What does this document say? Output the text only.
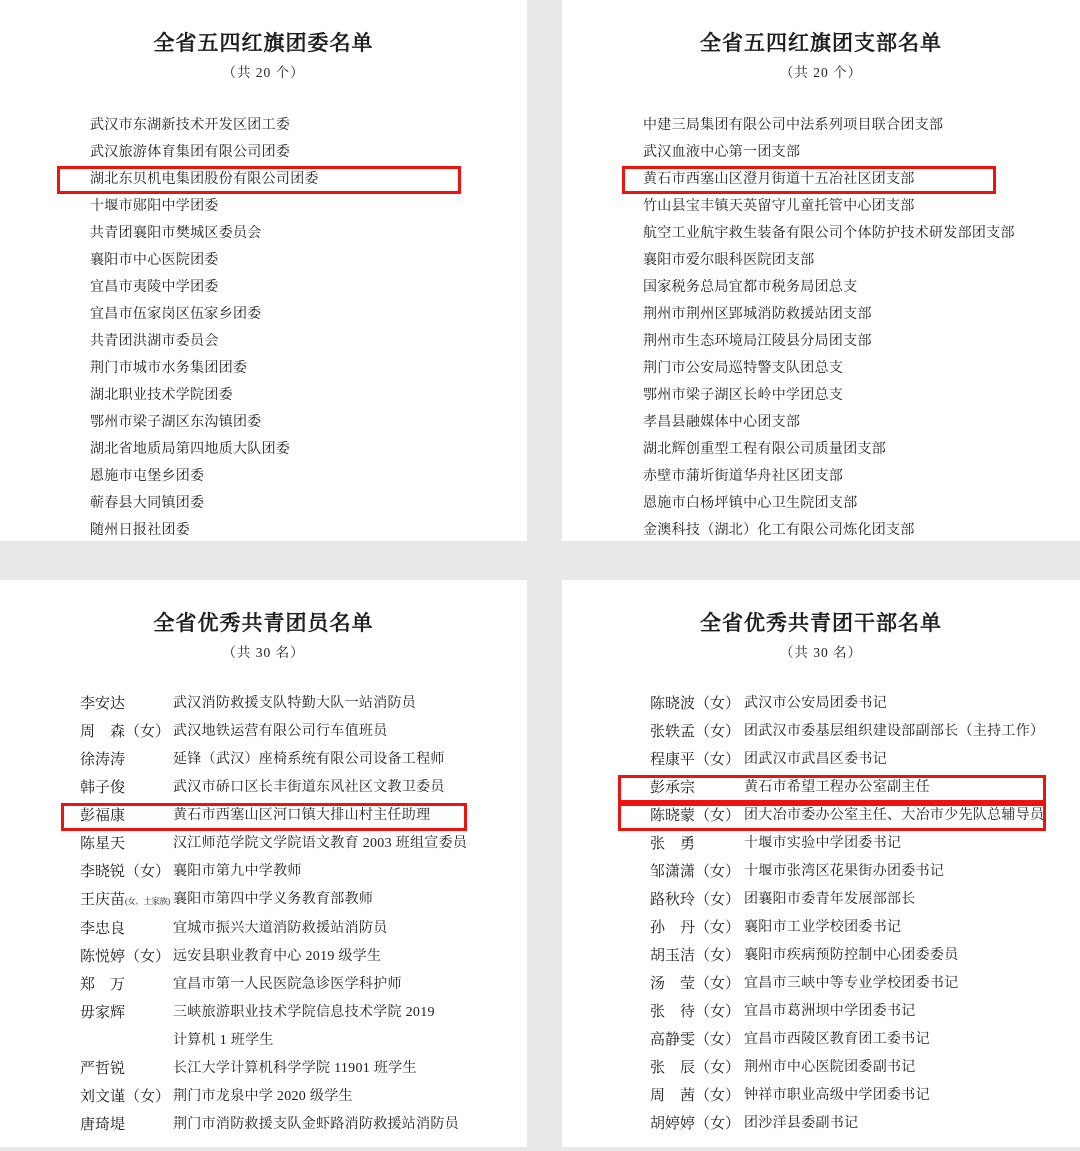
全省五四红旗团委名单
（共 20 个）
武汉市东湖新技术开发区团工委
武汉旅游体育集团有限公司团委
湖北东贝机电集团股份有限公司团委
十堰市郧阳中学团委
共青团襄阳市樊城区委员会
襄阳市中心医院团委
宜昌市夷陵中学团委
宜昌市伍家岗区伍家乡团委
共青团洪湖市委员会
荆门市城市水务集团团委
湖北职业技术学院团委
鄂州市梁子湖区东沟镇团委
湖北省地质局第四地质大队团委
恩施市屯堡乡团委
蕲春县大同镇团委
随州日报社团委
全省五四红旗团支部名单
（共 20 个）
中建三局集团有限公司中法系列项目联合团支部
武汉血液中心第一团支部
黄石市西塞山区澄月街道十五冶社区团支部
竹山县宝丰镇天英留守儿童托管中心团支部
航空工业航宇救生装备有限公司个体防护技术研发部团支部
襄阳市爱尔眼科医院团支部
国家税务总局宜都市税务局团总支
荆州市荆州区郢城消防救援站团支部
荆州市生态环境局江陵县分局团支部
荆门市公安局巡特警支队团总支
鄂州市梁子湖区长岭中学团总支
孝昌县融媒体中心团支部
湖北辉创重型工程有限公司质量团支部
赤壁市蒲圻街道华舟社区团支部
恩施市白杨坪镇中心卫生院团支部
金澳科技（湖北）化工有限公司炼化团支部
全省优秀共青团员名单
（共 30 名）
李安达	武汉消防救援支队特勤大队一站消防员
周　森（女） 武汉地铁运营有限公司行车值班员
徐涛涛	延锋（武汉）座椅系统有限公司设备工程师
韩子俊	武汉市硚口区长丰街道东风社区文教卫委员
彭福康	黄石市西塞山区河口镇大排山村主任助理
陈星天	汉江师范学院文学院语文教育 2003 班组宣委员
李晓锐（女） 襄阳市第九中学教师
王庆苗(女、土家族) 襄阳市第四中学义务教育部教师
李忠良	宜城市振兴大道消防救援站消防员
陈悦婷（女） 远安县职业教育中心 2019 级学生
郑　万	宜昌市第一人民医院急诊医学科护师
毋家辉	三峡旅游职业技术学院信息技术学院 2019
计算机 1 班学生
严哲锐	长江大学计算机科学学院 11901 班学生
刘文谨（女） 荆门市龙泉中学 2020 级学生
唐琦堤	荆门市消防救援支队金虾路消防救援站消防员
全省优秀共青团干部名单
（共 30 名）
陈晓波（女） 武汉市公安局团委书记
张轶孟（女） 团武汉市委基层组织建设部副部长（主持工作）
程康平（女） 团武汉市武昌区委书记
彭承宗	黄石市希望工程办公室副主任
陈晓蒙（女） 团大冶市委办公室主任、大冶市少先队总辅导员
张　勇	十堰市实验中学团委书记
邹潇潇（女） 十堰市张湾区花果街办团委书记
路秋玲（女） 团襄阳市委青年发展部部长
孙　丹（女） 襄阳市工业学校团委书记
胡玉洁（女） 襄阳市疾病预防控制中心团委委员
汤　莹（女） 宜昌市三峡中等专业学校团委书记
张　待（女） 宜昌市葛洲坝中学团委书记
高静雯（女） 宜昌市西陵区教育团工委书记
张　辰（女） 荆州市中心医院团委副书记
周　茜（女） 钟祥市职业高级中学团委书记
胡婷婷（女） 团沙洋县委副书记
